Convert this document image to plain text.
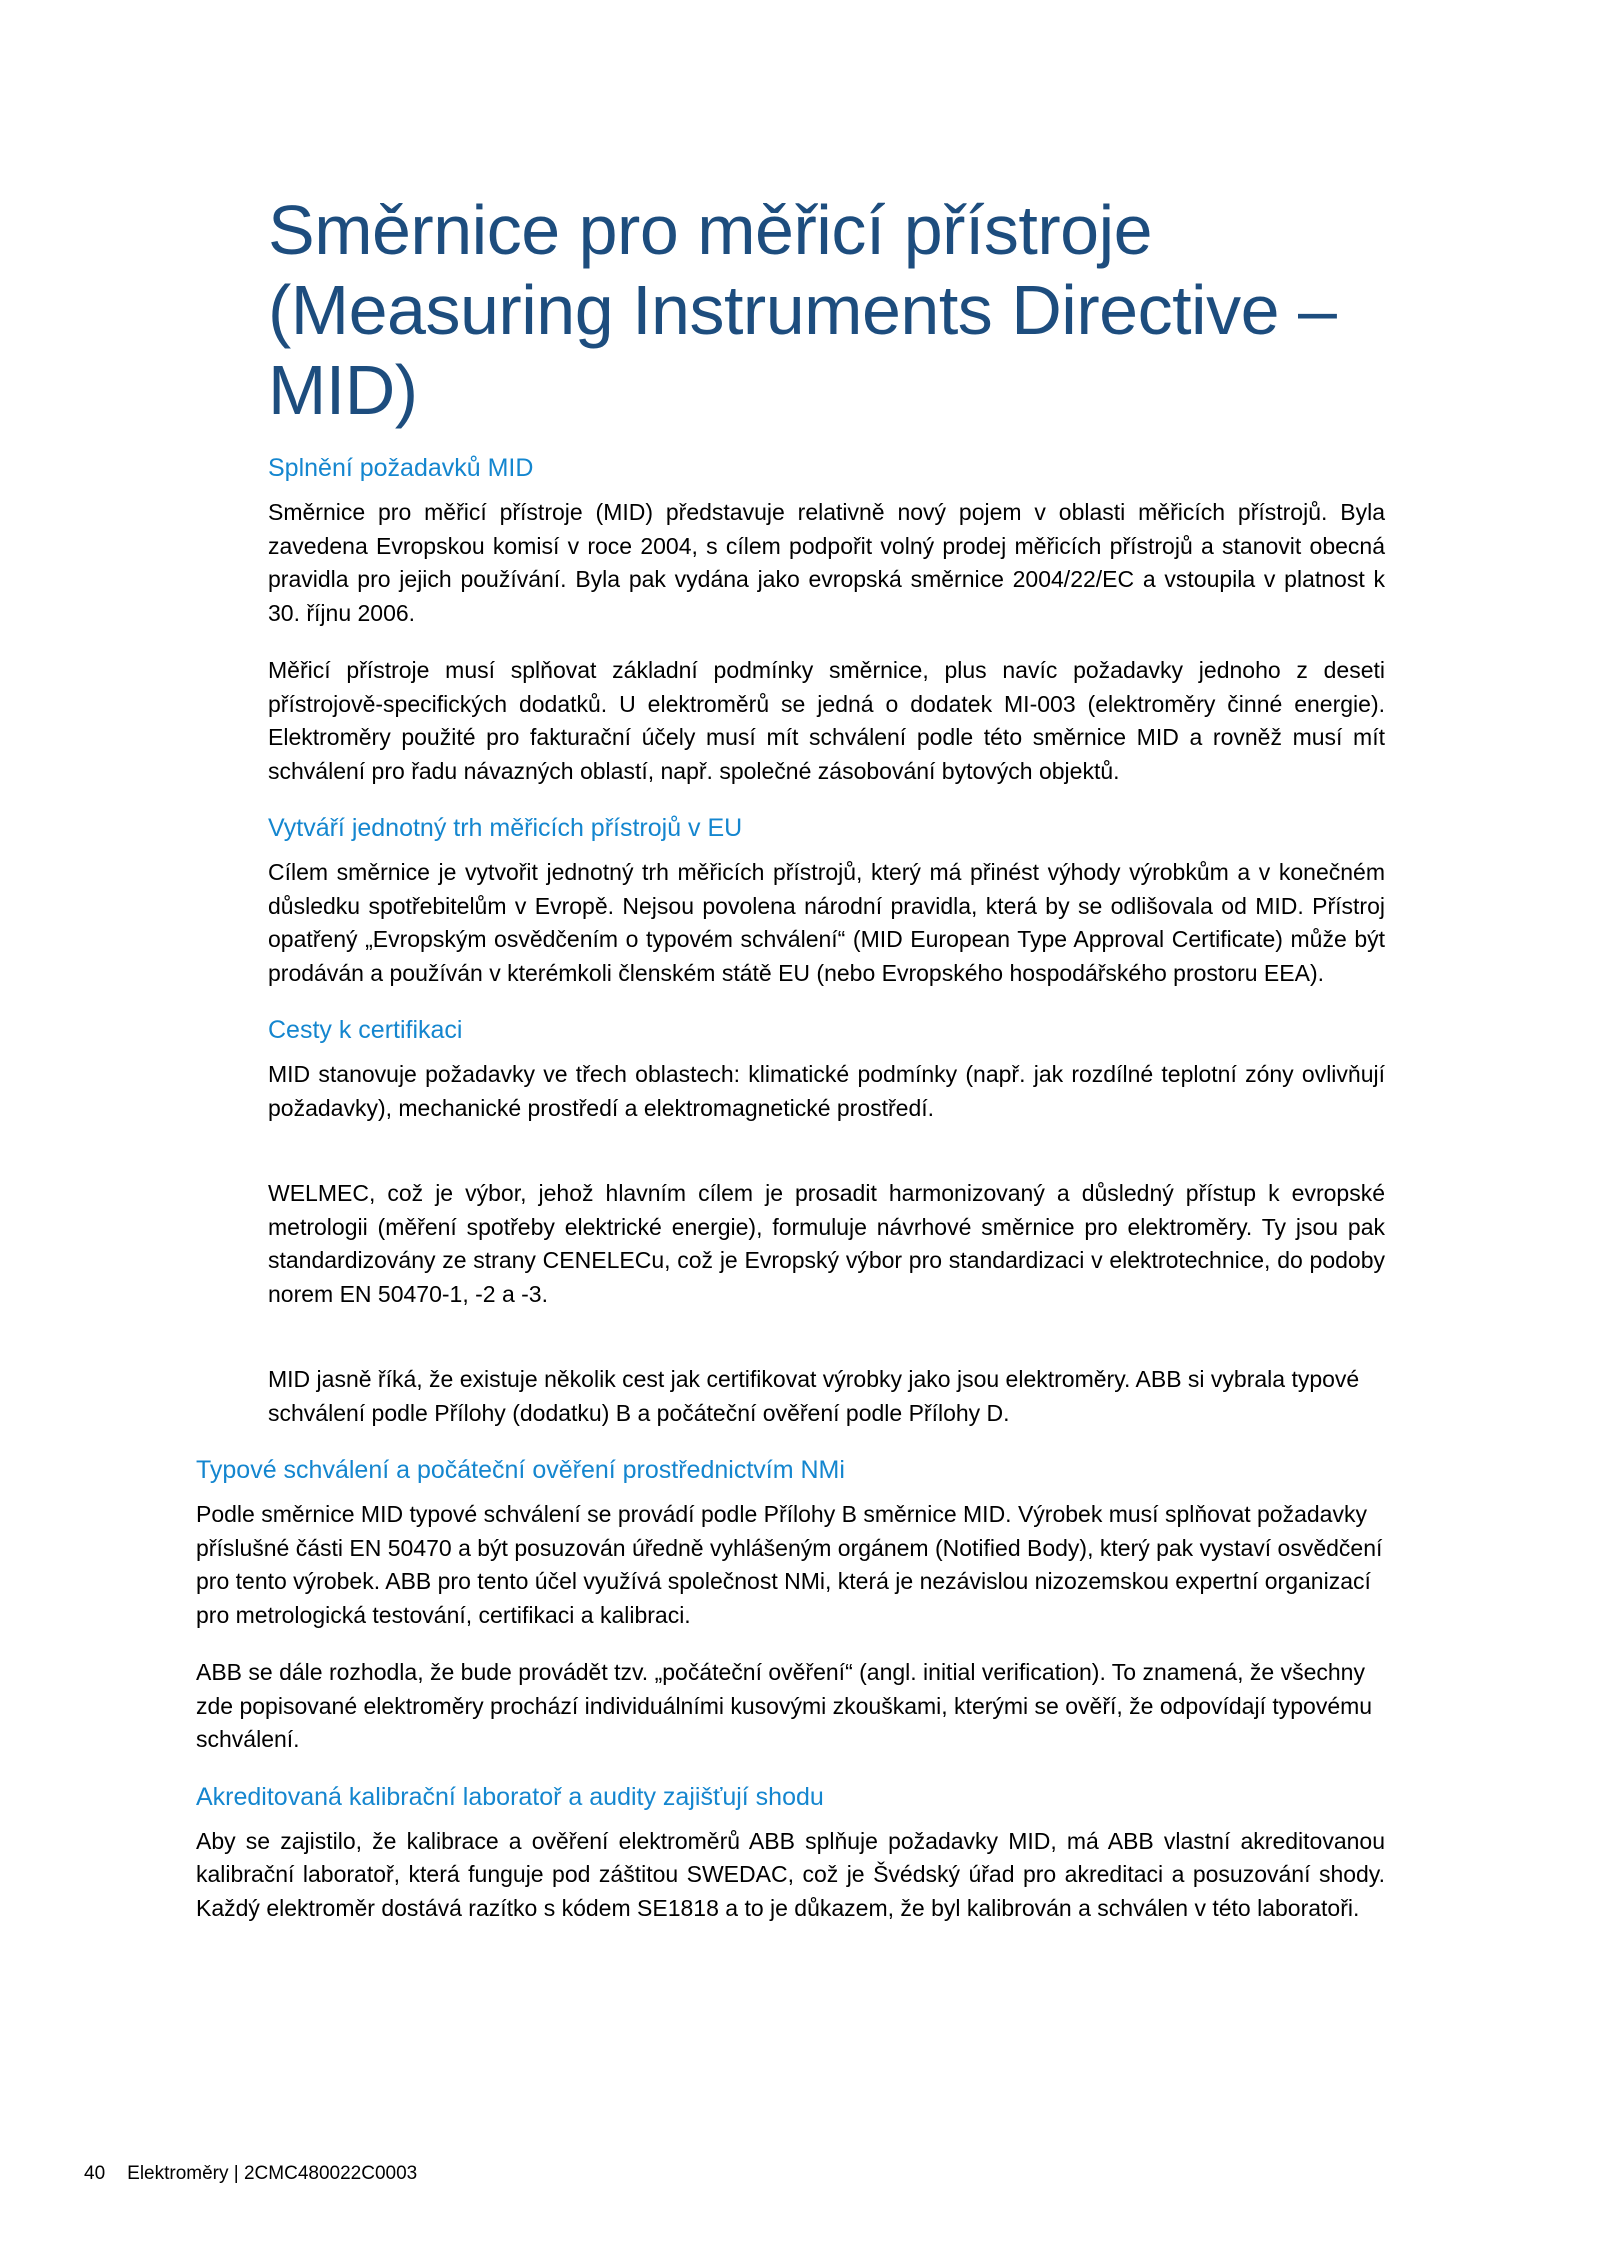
Směrnice pro měřicí přístroje
(Measuring Instruments Directive –
MID)
Splnění požadavků MID

Směrnice pro měřicí přístroje (MID) představuje relativně nový pojem v oblasti měřicích přístrojů. Byla zavedena Evropskou komisí v roce 2004, s cílem podpořit volný prodej měřicích přístrojů a stanovit obecná pravidla pro jejich používání. Byla pak vydána jako evropská směrnice 2004/22/EC a vstoupila v platnost k 30. říjnu 2006.

Měřicí přístroje musí splňovat základní podmínky směrnice, plus navíc požadavky jednoho z deseti přístrojově-specifických dodatků. U elektroměrů se jedná o dodatek MI-003 (elektroměry činné energie). Elektroměry použité pro fakturační účely musí mít schválení podle této směrnice MID a rovněž musí mít schválení pro řadu návazných oblastí, např. společné zásobování bytových objektů.

Vytváří jednotný trh měřicích přístrojů v EU

Cílem směrnice je vytvořit jednotný trh měřicích přístrojů, který má přinést výhody výrobkům a v konečném důsledku spotřebitelům v Evropě. Nejsou povolena národní pravidla, která by se odlišovala od MID. Přístroj opatřený „Evropským osvědčením o typovém schválení“ (MID European Type Approval Certificate) může být prodáván a používán v kterémkoli členském státě EU (nebo Evropského hospodářského prostoru EEA).

Cesty k certifikaci

MID stanovuje požadavky ve třech oblastech: klimatické podmínky (např. jak rozdílné teplotní zóny ovlivňují požadavky), mechanické prostředí a elektromagnetické prostředí.

WELMEC, což je výbor, jehož hlavním cílem je prosadit harmonizovaný a důsledný přístup k evropské metrologii (měření spotřeby elektrické energie), formuluje návrhové směrnice pro elektroměry. Ty jsou pak standardizovány ze strany CENELECu, což je Evropský výbor pro standardizaci v elektrotechnice, do podoby norem EN 50470-1, -2 a -3.

MID jasně říká, že existuje několik cest jak certifikovat výrobky jako jsou elektroměry. ABB si vybrala typové schválení podle Přílohy (dodatku) B a počáteční ověření podle Přílohy D.

Typové schválení a počáteční ověření prostřednictvím NMi

Podle směrnice MID typové schválení se provádí podle Přílohy B směrnice MID. Výrobek musí splňovat požadavky příslušné části EN 50470 a být posuzován úředně vyhlášeným orgánem (Notified Body), který pak vystaví osvědčení pro tento výrobek. ABB pro tento účel využívá společnost NMi, která je nezávislou nizozemskou expertní organizací pro metrologická testování, certifikaci a kalibraci.

ABB se dále rozhodla, že bude provádět tzv. „počáteční ověření“ (angl. initial verification). To znamená, že všechny zde popisované elektroměry prochází individuálními kusovými zkouškami, kterými se ověří, že odpovídají typovému schválení.

Akreditovaná kalibrační laboratoř a audity zajišťují shodu

Aby se zajistilo, že kalibrace a ověření elektroměrů ABB splňuje požadavky MID, má ABB vlastní akreditovanou kalibrační laboratoř, která funguje pod záštitou SWEDAC, což je Švédský úřad pro akreditaci a posuzování shody. Každý elektroměr dostává razítko s kódem SE1818 a to je důkazem, že byl kalibrován a schválen v této laboratoři.

40 Elektroměry | 2CMC480022C0003
